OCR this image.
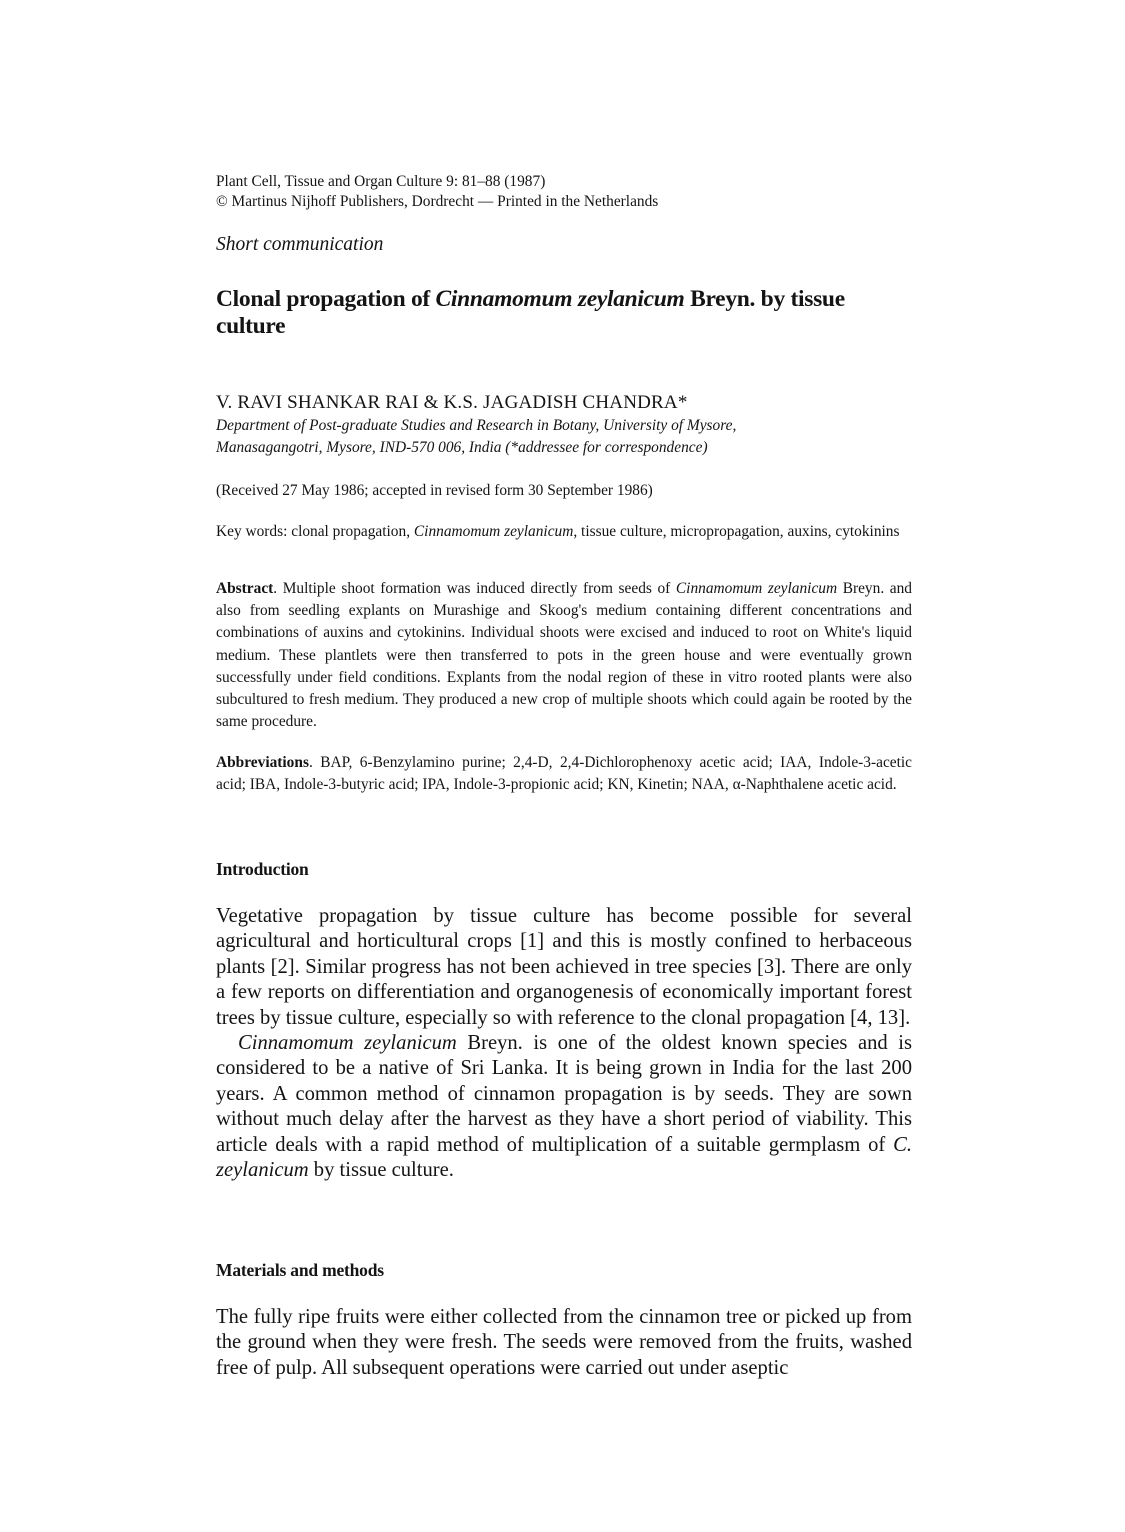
Plant Cell, Tissue and Organ Culture 9: 81–88 (1987)
© Martinus Nijhoff Publishers, Dordrecht — Printed in the Netherlands
Short communication
Clonal propagation of Cinnamomum zeylanicum Breyn. by tissue culture
V. RAVI SHANKAR RAI & K.S. JAGADISH CHANDRA*
Department of Post-graduate Studies and Research in Botany, University of Mysore,
Manasagangotri, Mysore, IND-570 006, India (*addressee for correspondence)
(Received 27 May 1986; accepted in revised form 30 September 1986)
Key words: clonal propagation, Cinnamomum zeylanicum, tissue culture, micropropagation, auxins, cytokinins
Abstract. Multiple shoot formation was induced directly from seeds of Cinnamomum zeylanicum Breyn. and also from seedling explants on Murashige and Skoog's medium containing different concentrations and combinations of auxins and cytokinins. Individual shoots were excised and induced to root on White's liquid medium. These plantlets were then transferred to pots in the green house and were eventually grown successfully under field conditions. Explants from the nodal region of these in vitro rooted plants were also subcultured to fresh medium. They produced a new crop of multiple shoots which could again be rooted by the same procedure.
Abbreviations. BAP, 6-Benzylamino purine; 2,4-D, 2,4-Dichlorophenoxy acetic acid; IAA, Indole-3-acetic acid; IBA, Indole-3-butyric acid; IPA, Indole-3-propionic acid; KN, Kinetin; NAA, α-Naphthalene acetic acid.
Introduction

Vegetative propagation by tissue culture has become possible for several agricultural and horticultural crops [1] and this is mostly confined to herbaceous plants [2]. Similar progress has not been achieved in tree species [3]. There are only a few reports on differentiation and organogenesis of economically important forest trees by tissue culture, especially so with reference to the clonal propagation [4, 13].

Cinnamomum zeylanicum Breyn. is one of the oldest known species and is considered to be a native of Sri Lanka. It is being grown in India for the last 200 years. A common method of cinnamon propagation is by seeds. They are sown without much delay after the harvest as they have a short period of viability. This article deals with a rapid method of multiplication of a suitable germplasm of C. zeylanicum by tissue culture.

Materials and methods

The fully ripe fruits were either collected from the cinnamon tree or picked up from the ground when they were fresh. The seeds were removed from the fruits, washed free of pulp. All subsequent operations were carried out under aseptic
